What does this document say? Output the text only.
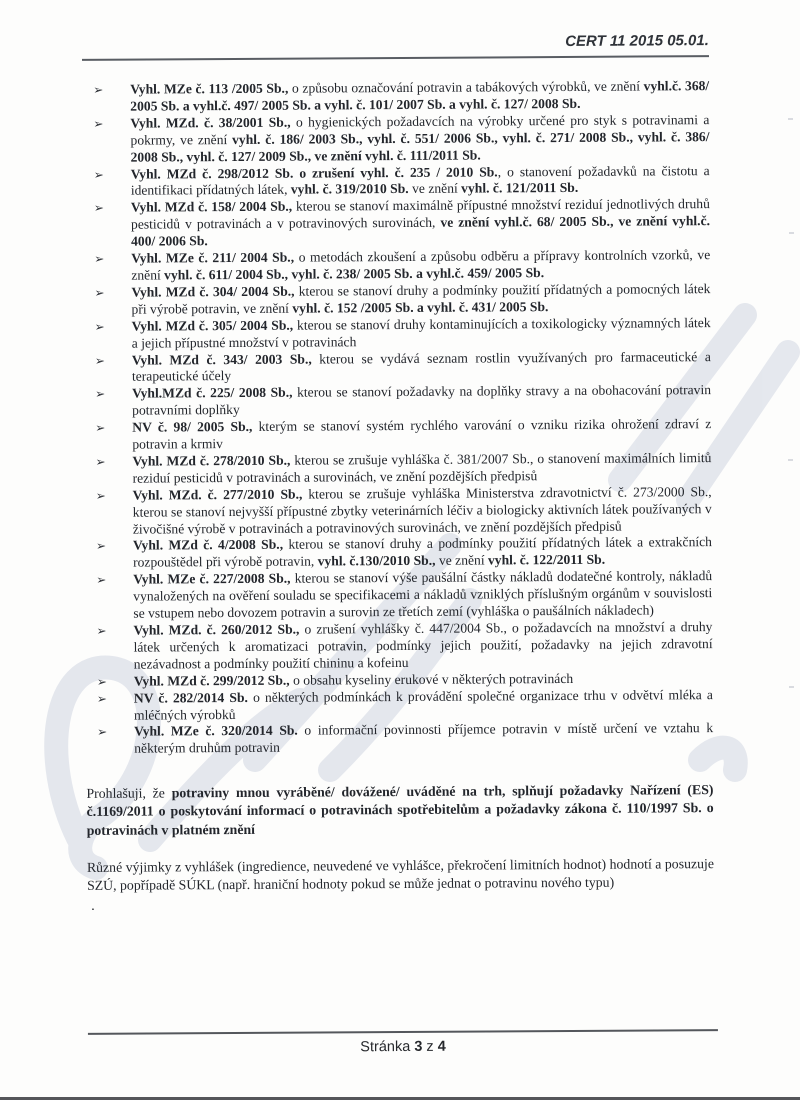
CERT 11 2015 05.01.
➢	Vyhl. MZe č. 113 /2005 Sb., o způsobu označování potravin a tabákových výrobků, ve znění vyhl.č. 368/ 2005 Sb. a vyhl.č. 497/ 2005 Sb. a vyhl. č. 101/ 2007 Sb. a vyhl. č. 127/ 2008 Sb.
➢	Vyhl. MZd. č. 38/2001 Sb., o hygienických požadavcích na výrobky určené pro styk s potravinami a pokrmy, ve znění vyhl. č. 186/ 2003 Sb., vyhl. č. 551/ 2006 Sb., vyhl. č. 271/ 2008 Sb., vyhl. č. 386/ 2008 Sb., vyhl. č. 127/ 2009 Sb., ve znění vyhl. č. 111/2011 Sb.
➢	Vyhl. MZd č. 298/2012 Sb. o zrušení vyhl. č. 235 / 2010 Sb., o stanovení požadavků na čistotu a identifikaci přídatných látek, vyhl. č. 319/2010 Sb. ve znění vyhl. č. 121/2011 Sb.
➢	Vyhl. MZd č. 158/ 2004 Sb., kterou se stanoví maximálně přípustné množství reziduí jednotlivých druhů pesticidů v potravinách a v potravinových surovinách, ve znění vyhl.č. 68/ 2005 Sb., ve znění vyhl.č. 400/ 2006 Sb.
➢	Vyhl. MZe č. 211/ 2004 Sb., o metodách zkoušení a způsobu odběru a přípravy kontrolních vzorků, ve znění vyhl. č. 611/ 2004 Sb., vyhl. č. 238/ 2005 Sb. a vyhl.č. 459/ 2005 Sb.
➢	Vyhl. MZd č. 304/ 2004 Sb., kterou se stanoví druhy a podmínky použití přídatných a pomocných látek při výrobě potravin, ve znění vyhl. č. 152 /2005 Sb. a vyhl. č. 431/ 2005 Sb.
➢	Vyhl. MZd č. 305/ 2004 Sb., kterou se stanoví druhy kontaminujících a toxikologicky významných látek a jejich přípustné množství v potravinách
➢	Vyhl. MZd č. 343/ 2003 Sb., kterou se vydává seznam rostlin využívaných pro farmaceutické a terapeutické účely
➢	Vyhl.MZd č. 225/ 2008 Sb., kterou se stanoví požadavky na doplňky stravy a na obohacování potravin potravními doplňky
➢	NV č. 98/ 2005 Sb., kterým se stanoví systém rychlého varování o vzniku rizika ohrožení zdraví z potravin a krmiv
➢	Vyhl. MZd č. 278/2010 Sb., kterou se zrušuje vyhláška č. 381/2007 Sb., o stanovení maximálních limitů reziduí pesticidů v potravinách a surovinách, ve znění pozdějších předpisů
➢	Vyhl. MZd. č. 277/2010 Sb., kterou se zrušuje vyhláška Ministerstva zdravotnictví č. 273/2000 Sb., kterou se stanoví nejvyšší přípustné zbytky veterinárních léčiv a biologicky aktivních látek používaných v živočišné výrobě v potravinách a potravinových surovinách, ve znění pozdějších předpisů
➢	Vyhl. MZd č. 4/2008 Sb., kterou se stanoví druhy a podmínky použití přídatných látek a extrakčních rozpouštědel při výrobě potravin, vyhl. č.130/2010 Sb., ve znění vyhl. č. 122/2011 Sb.
➢	Vyhl. MZe č. 227/2008 Sb., kterou se stanoví výše paušální částky nákladů dodatečné kontroly, nákladů vynaložených na ověření souladu se specifikacemi a nákladů vzniklých příslušným orgánům v souvislosti se vstupem nebo dovozem potravin a surovin ze třetích zemí (vyhláška o paušálních nákladech)
➢	Vyhl. MZd. č. 260/2012 Sb., o zrušení vyhlášky č. 447/2004 Sb., o požadavcích na množství a druhy látek určených k aromatizaci potravin, podmínky jejich použití, požadavky na jejich zdravotní nezávadnost a podmínky použití chininu a kofeinu
➢	Vyhl. MZd č. 299/2012 Sb., o obsahu kyseliny erukové v některých potravinách
➢	NV č. 282/2014 Sb. o některých podmínkách k provádění společné organizace trhu v odvětví mléka a mléčných výrobků
➢	Vyhl. MZe č. 320/2014 Sb. o informační povinnosti příjemce potravin v místě určení ve vztahu k některým druhům potravin

Prohlašuji, že potraviny mnou vyráběné/ dovážené/ uváděné na trh, splňují požadavky Nařízení (ES) č.1169/2011 o poskytování informací o potravinách spotřebitelům a požadavky zákona č. 110/1997 Sb. o potravinách v platném znění

Různé výjimky z vyhlášek (ingredience, neuvedené ve vyhlášce, překročení limitních hodnot) hodnotí a posuzuje SZÚ, popřípadě SÚKL (např. hraniční hodnoty pokud se může jednat o potravinu nového typu)

.

Stránka 3 z 4
